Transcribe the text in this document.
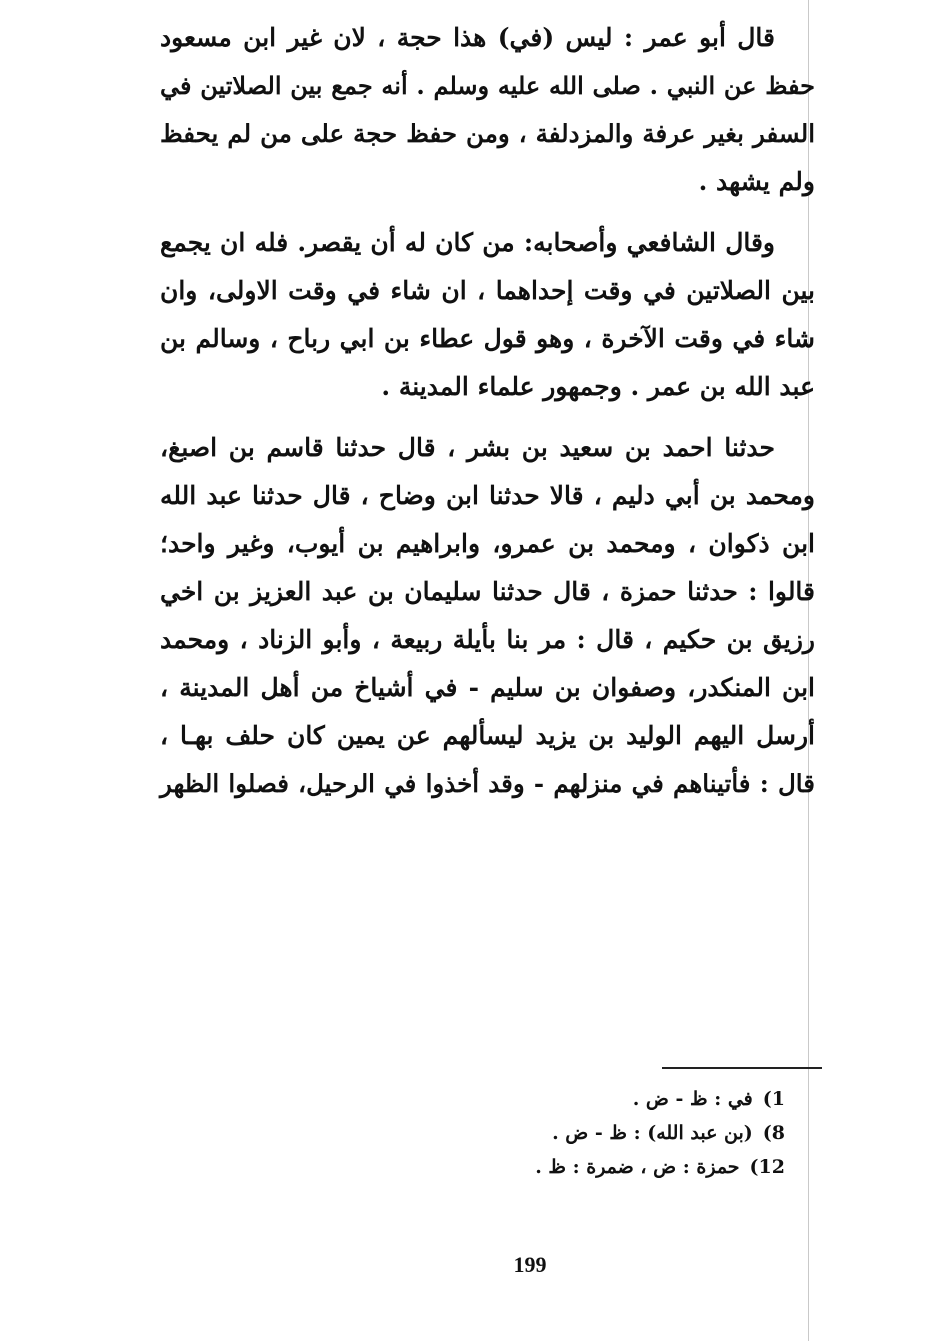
قال أبو عمر : ليس (في) هذا حجة ، لان غير ابن مسعود
حفظ عن النبي . صلى الله عليه وسلم . أنه جمع بين الصلاتين في
السفر بغير عرفة والمزدلفة ، ومن حفظ حجة على من لم يحفظ
ولم يشهد .
وقال الشافعي وأصحابه: من كان له أن يقصر. فله ان يجمع
بين الصلاتين في وقت إحداهما ، ان شاء في وقت الاولى، وان
شاء في وقت الآخرة ، وهو قول عطاء بن ابي رباح ، وسالم بن
عبد الله بن عمر . وجمهور علماء المدينة .
حدثنا احمد بن سعيد بن بشر ، قال حدثنا قاسم بن اصبغ،
ومحمد بن أبي دليم ، قالا حدثنا ابن وضاح ، قال حدثنا عبد الله
ابن ذكوان ، ومحمد بن عمرو، وابراهيم بن أيوب، وغير واحد؛
قالوا : حدثنا حمزة ، قال حدثنا سليمان بن عبد العزيز بن اخي
رزيق بن حكيم ، قال : مر بنا بأيلة ربيعة ، وأبو الزناد ، ومحمد
ابن المنكدر، وصفوان بن سليم - في أشياخ من أهل المدينة ،
أرسل اليهم الوليد بن يزيد ليسألهم عن يمين كان حلف بهـا ،
قال : فأتيناهم في منزلهم - وقد أخذوا في الرحيل، فصلوا الظهر
1)في : ظ - ض .
8)(بن عبد الله) : ظ - ض .
12)حمزة : ض ، ضمرة : ظ .
199
